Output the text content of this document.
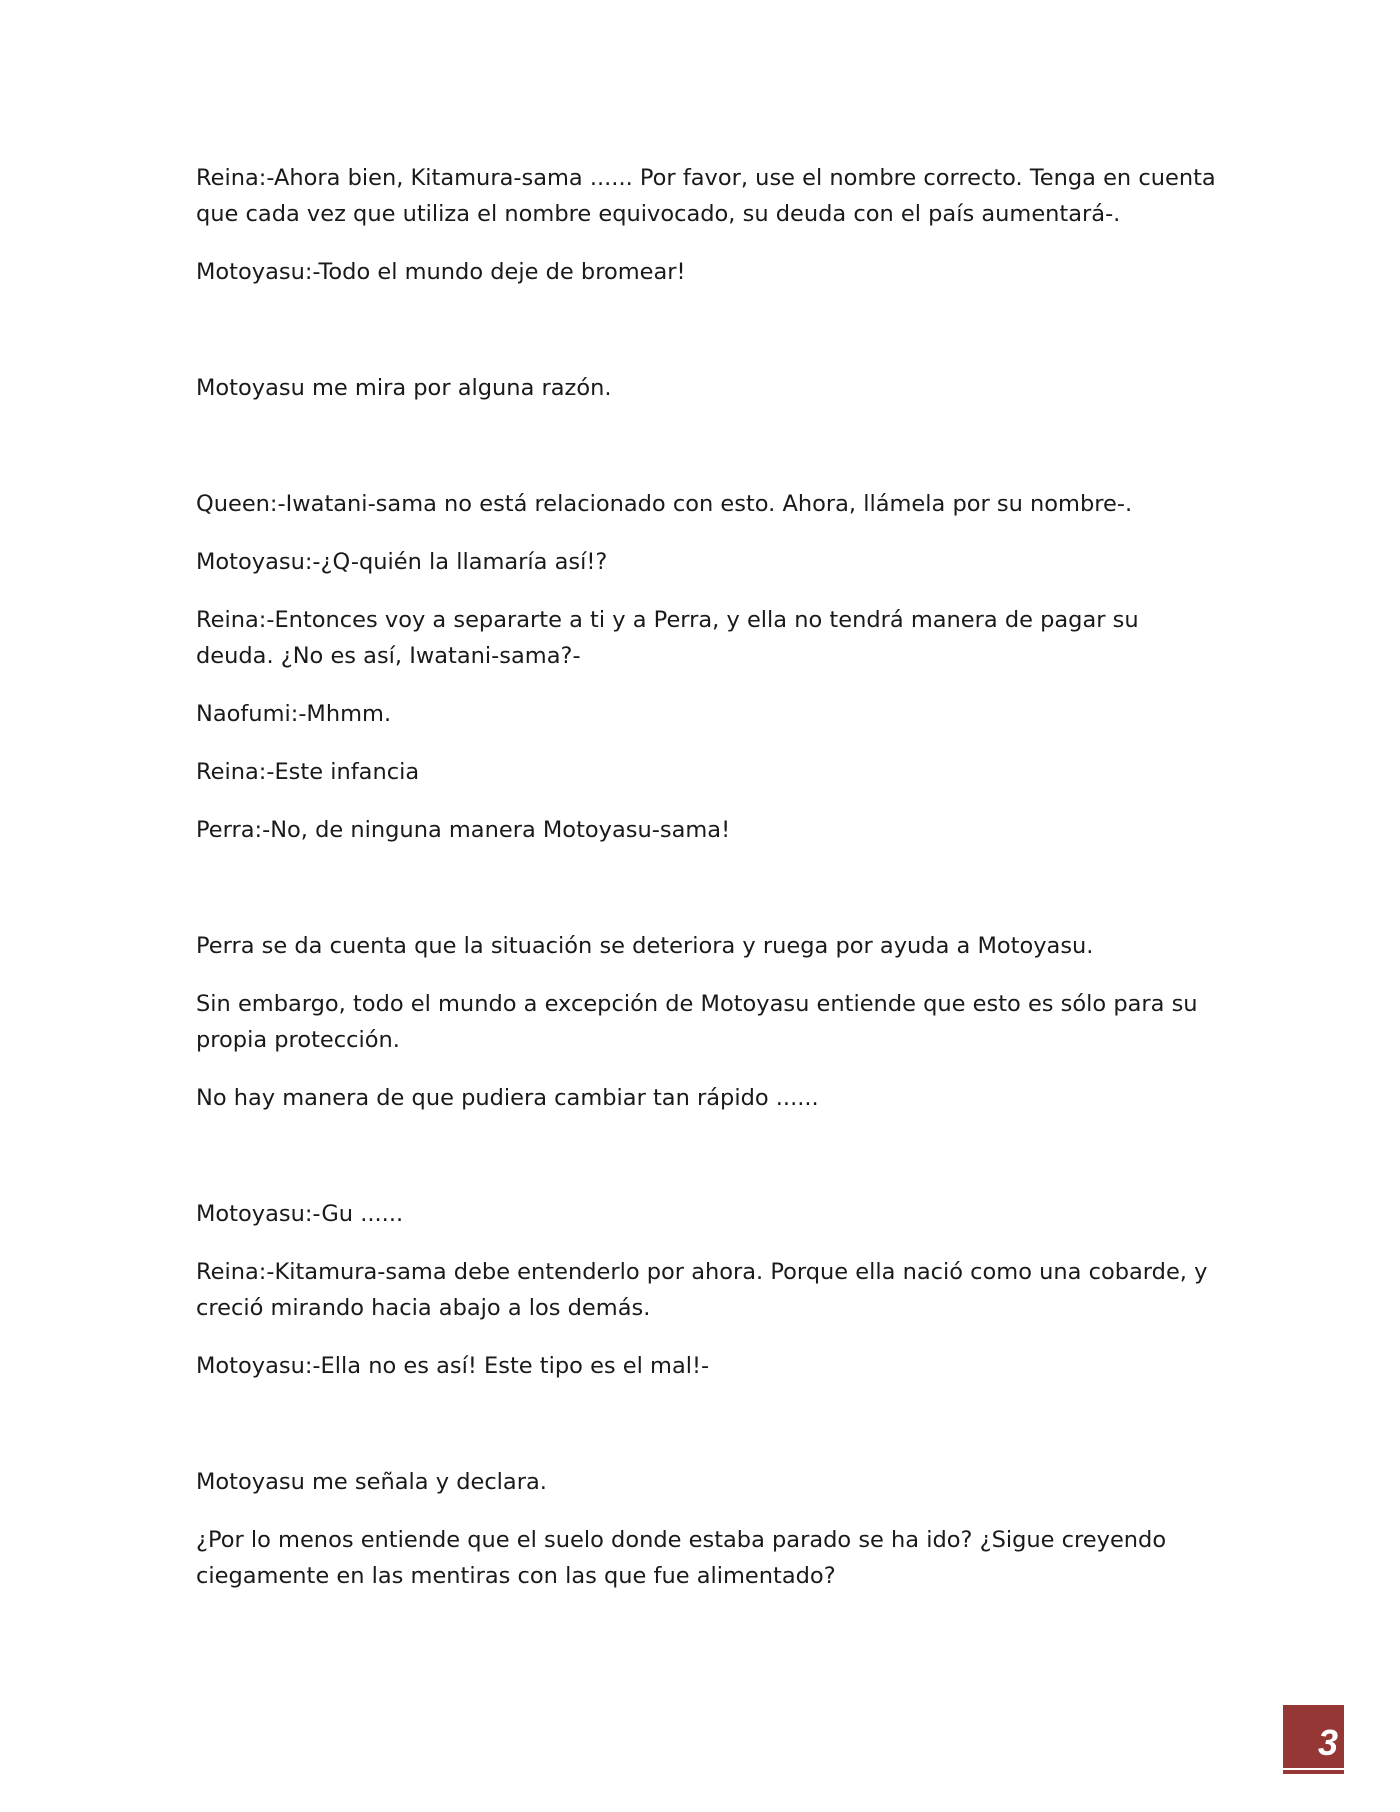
Reina:-Ahora bien, Kitamura-sama ...... Por favor, use el nombre correcto. Tenga en cuenta que cada vez que utiliza el nombre equivocado, su deuda con el país aumentará-.

Motoyasu:-Todo el mundo deje de bromear!

Motoyasu me mira por alguna razón.

Queen:-Iwatani-sama no está relacionado con esto. Ahora, llámela por su nombre-.

Motoyasu:-¿Q-quién la llamaría así!?

Reina:-Entonces voy a separarte a ti y a Perra, y ella no tendrá manera de pagar su deuda. ¿No es así, Iwatani-sama?-

Naofumi:-Mhmm.

Reina:-Este infancia

Perra:-No, de ninguna manera Motoyasu-sama!

Perra se da cuenta que la situación se deteriora y ruega por ayuda a Motoyasu.

Sin embargo, todo el mundo a excepción de Motoyasu entiende que esto es sólo para su propia protección.

No hay manera de que pudiera cambiar tan rápido ......

Motoyasu:-Gu ......

Reina:-Kitamura-sama debe entenderlo por ahora. Porque ella nació como una cobarde, y creció mirando hacia abajo a los demás.

Motoyasu:-Ella no es así! Este tipo es el mal!-

Motoyasu me señala y declara.

¿Por lo menos entiende que el suelo donde estaba parado se ha ido? ¿Sigue creyendo ciegamente en las mentiras con las que fue alimentado?

3
